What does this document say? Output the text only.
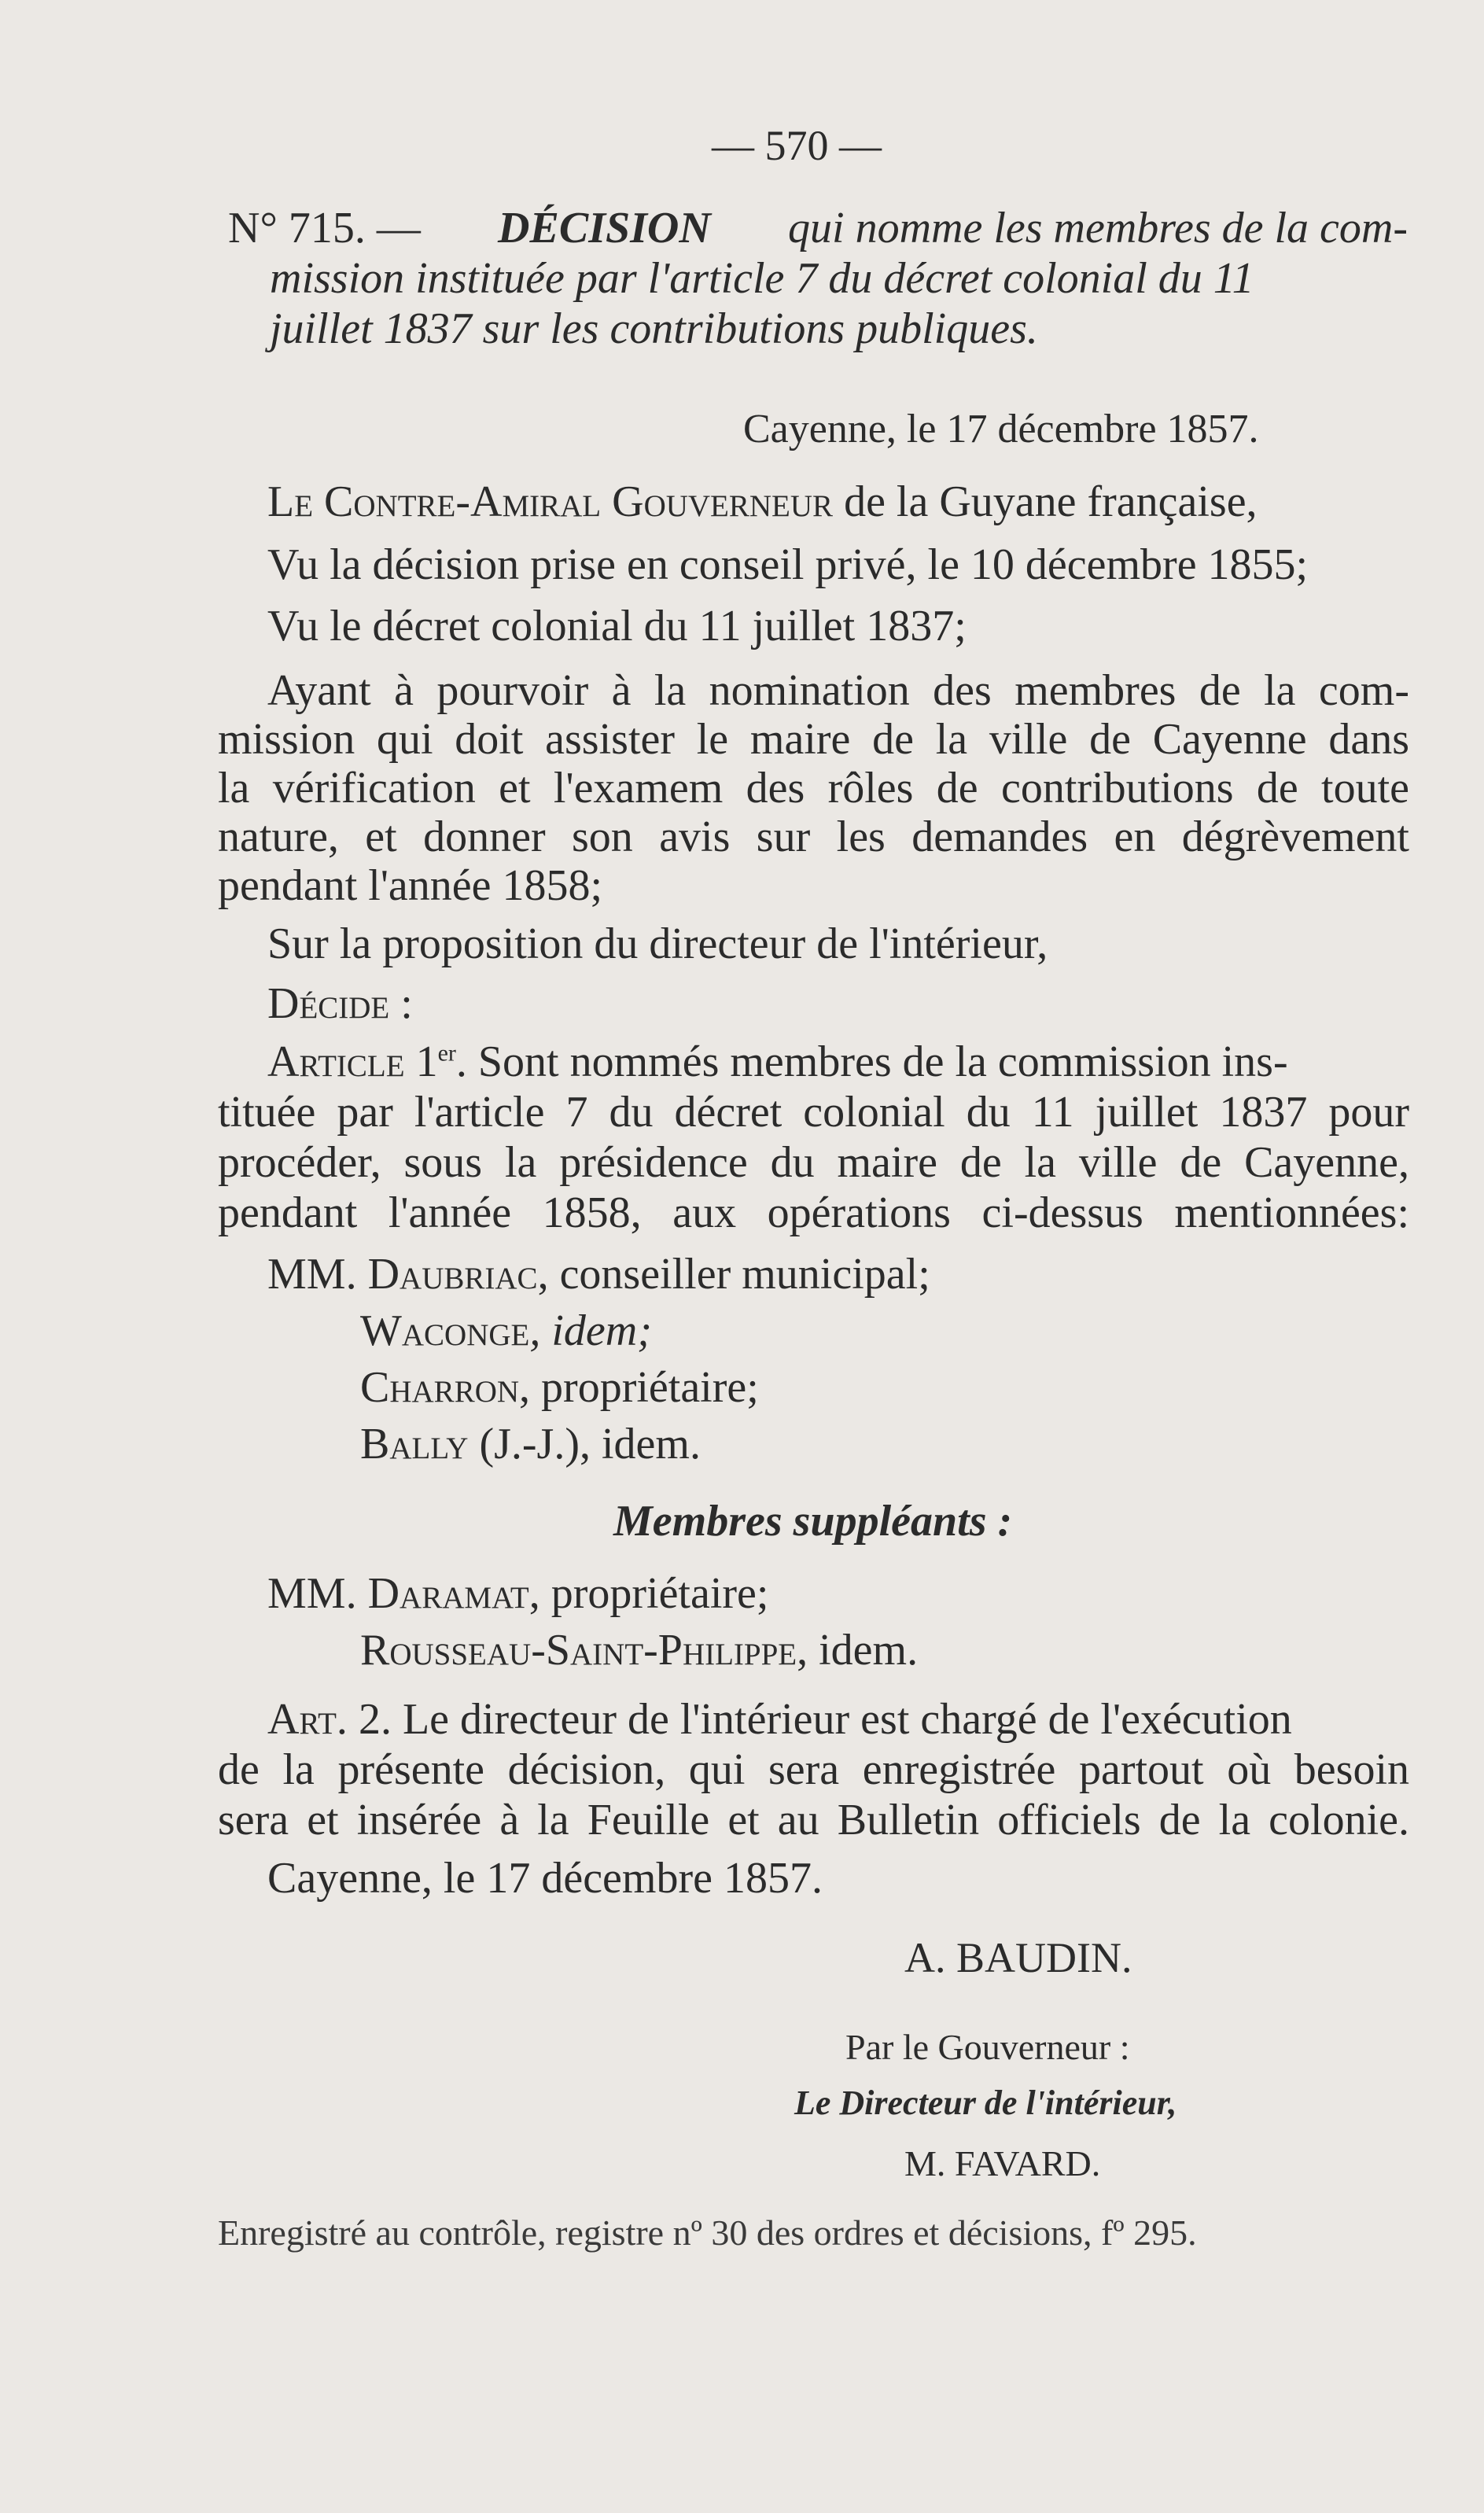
— 570 —
N° 715. — DÉCISION qui nomme les membres de la com-
mission instituée par l'article 7 du décret colonial du 11
juillet 1837 sur les contributions publiques.
Cayenne, le 17 décembre 1857.
Le Contre-Amiral Gouverneur de la Guyane française,
Vu la décision prise en conseil privé, le 10 décembre 1855;
Vu le décret colonial du 11 juillet 1837;
Ayant à pourvoir à la nomination des membres de la com-
mission qui doit assister le maire de la ville de Cayenne dans
la vérification et l'examem des rôles de contributions de toute
nature, et donner son avis sur les demandes en dégrèvement
pendant l'année 1858;
Sur la proposition du directeur de l'intérieur,
Décide :
Article 1er. Sont nommés membres de la commission ins-
tituée par l'article 7 du décret colonial du 11 juillet 1837 pour
procéder, sous la présidence du maire de la ville de Cayenne,
pendant l'année 1858, aux opérations ci-dessus mentionnées:
MM. Daubriac, conseiller municipal;
Waconge, idem;
Charron, propriétaire;
Bally (J.-J.), idem.
Membres suppléants :
MM. Daramat, propriétaire;
Rousseau-Saint-Philippe, idem.
Art. 2. Le directeur de l'intérieur est chargé de l'exécution
de la présente décision, qui sera enregistrée partout où besoin
sera et insérée à la Feuille et au Bulletin officiels de la colonie.
Cayenne, le 17 décembre 1857.
A. BAUDIN.
Par le Gouverneur :
Le Directeur de l'intérieur,
M. FAVARD.
Enregistré au contrôle, registre nº 30 des ordres et décisions, fº 295.
